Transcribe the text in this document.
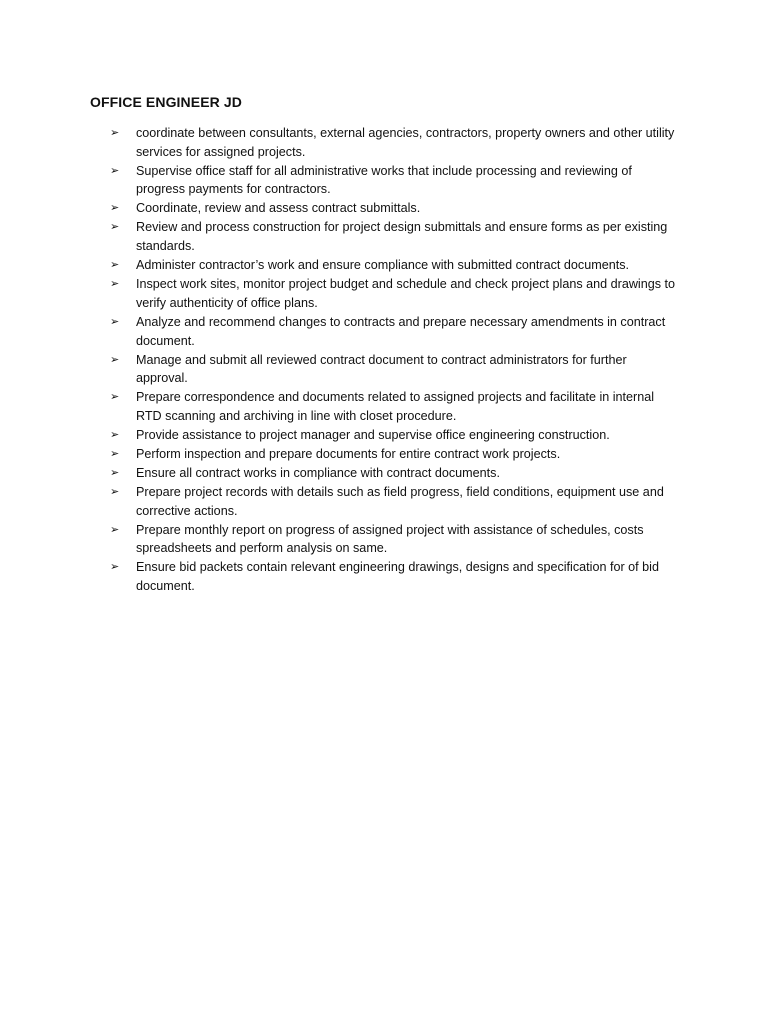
OFFICE ENGINEER JD
➢	coordinate between consultants, external agencies, contractors, property owners and other utility services for assigned projects.
➢	Supervise office staff for all administrative works that include processing and reviewing of progress payments for contractors.
➢	Coordinate, review and assess contract submittals.
➢	Review and process construction for project design submittals and ensure forms as per existing standards.
➢	Administer contractor’s work and ensure compliance with submitted contract documents.
➢	Inspect work sites, monitor project budget and schedule and check project plans and drawings to verify authenticity of office plans.
➢	Analyze and recommend changes to contracts and prepare necessary amendments in contract document.
➢	Manage and submit all reviewed contract document to contract administrators for further approval.
➢	Prepare correspondence and documents related to assigned projects and facilitate in internal RTD scanning and archiving in line with closet procedure.
➢	Provide assistance to project manager and supervise office engineering construction.
➢	Perform inspection and prepare documents for entire contract work projects.
➢	Ensure all contract works in compliance with contract documents.
➢	Prepare project records with details such as field progress, field conditions, equipment use and corrective actions.
➢	Prepare monthly report on progress of assigned project with assistance of schedules, costs spreadsheets and perform analysis on same.
➢	Ensure bid packets contain relevant engineering drawings, designs and specification for of bid document.
